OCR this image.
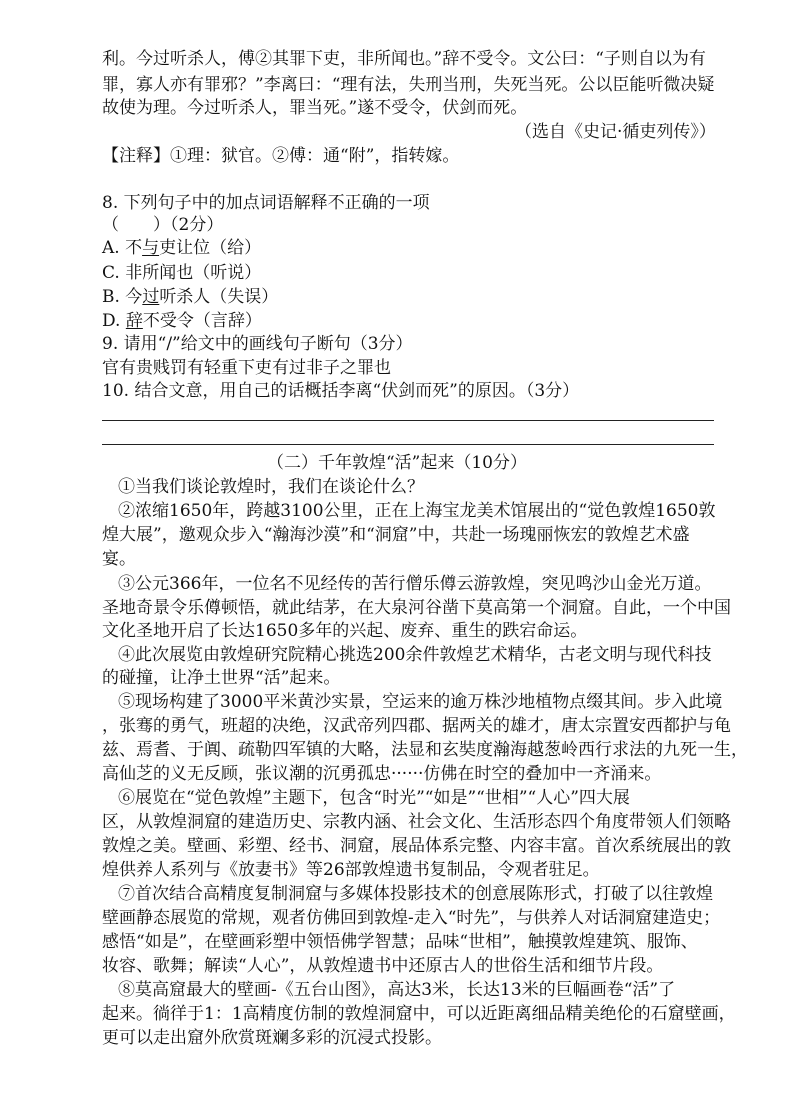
利。今过听杀人，傅②其罪下吏，非所闻也。”辞不受令。文公曰：“子则自以为有
罪，寡人亦有罪邪？”李离曰：“理有法，失刑当刑，失死当死。公以臣能听微决疑
故使为理。今过听杀人，罪当死。”遂不受令，伏剑而死。
（选自《史记·循吏列传》）
【注释】①理：狱官。②傅：通“附”，指转嫁。
8. 下列句子中的加点词语解释不正确的一项
（　　）（2分）
A. 不与吏让位（给）
C. 非所闻也（听说）
B. 今过听杀人（失误）
D. 辞不受令（言辞）
9. 请用“/”给文中的画线句子断句（3分）
官有贵贱罚有轻重下吏有过非子之罪也
10. 结合文意，用自己的话概括李离“伏剑而死”的原因。（3分）
（二）千年敦煌“活”起来（10分）
①当我们谈论敦煌时，我们在谈论什么？
②浓缩1650年，跨越3100公里，正在上海宝龙美术馆展出的“觉色敦煌1650敦
煌大展”，邀观众步入“瀚海沙漠”和“洞窟”中，共赴一场瑰丽恢宏的敦煌艺术盛
宴。
③公元366年，一位名不见经传的苦行僧乐僔云游敦煌，突见鸣沙山金光万道。
圣地奇景令乐僔顿悟，就此结茅，在大泉河谷凿下莫高第一个洞窟。自此，一个中国
文化圣地开启了长达1650多年的兴起、废弃、重生的跌宕命运。
④此次展览由敦煌研究院精心挑选200余件敦煌艺术精华，古老文明与现代科技
的碰撞，让净土世界“活”起来。
⑤现场构建了3000平米黄沙实景，空运来的逾万株沙地植物点缀其间。步入此境
，张骞的勇气，班超的决绝，汉武帝列四郡、据两关的雄才，唐太宗置安西都护与龟
兹、焉耆、于阗、疏勒四军镇的大略，法显和玄奘度瀚海越葱岭西行求法的九死一生，
高仙芝的义无反顾，张议潮的沉勇孤忠······仿佛在时空的叠加中一齐涌来。
⑥展览在“觉色敦煌”主题下，包含“时光”“如是”“世相”“人心”四大展
区，从敦煌洞窟的建造历史、宗教内涵、社会文化、生活形态四个角度带领人们领略
敦煌之美。壁画、彩塑、经书、洞窟，展品体系完整、内容丰富。首次系统展出的敦
煌供养人系列与《放妻书》等26部敦煌遗书复制品，令观者驻足。
⑦首次结合高精度复制洞窟与多媒体投影技术的创意展陈形式，打破了以往敦煌
壁画静态展览的常规，观者仿佛回到敦煌-走入“时先”，与供养人对话洞窟建造史；
感悟“如是”，在壁画彩塑中领悟佛学智慧；品味“世相”，触摸敦煌建筑、服饰、
妆容、歌舞；解读“人心”，从敦煌遗书中还原古人的世俗生活和细节片段。
⑧莫高窟最大的壁画-《五台山图》，高达3米，长达13米的巨幅画卷“活”了
起来。徜徉于1：1高精度仿制的敦煌洞窟中，可以近距离细品精美绝伦的石窟壁画，
更可以走出窟外欣赏斑斓多彩的沉浸式投影。
